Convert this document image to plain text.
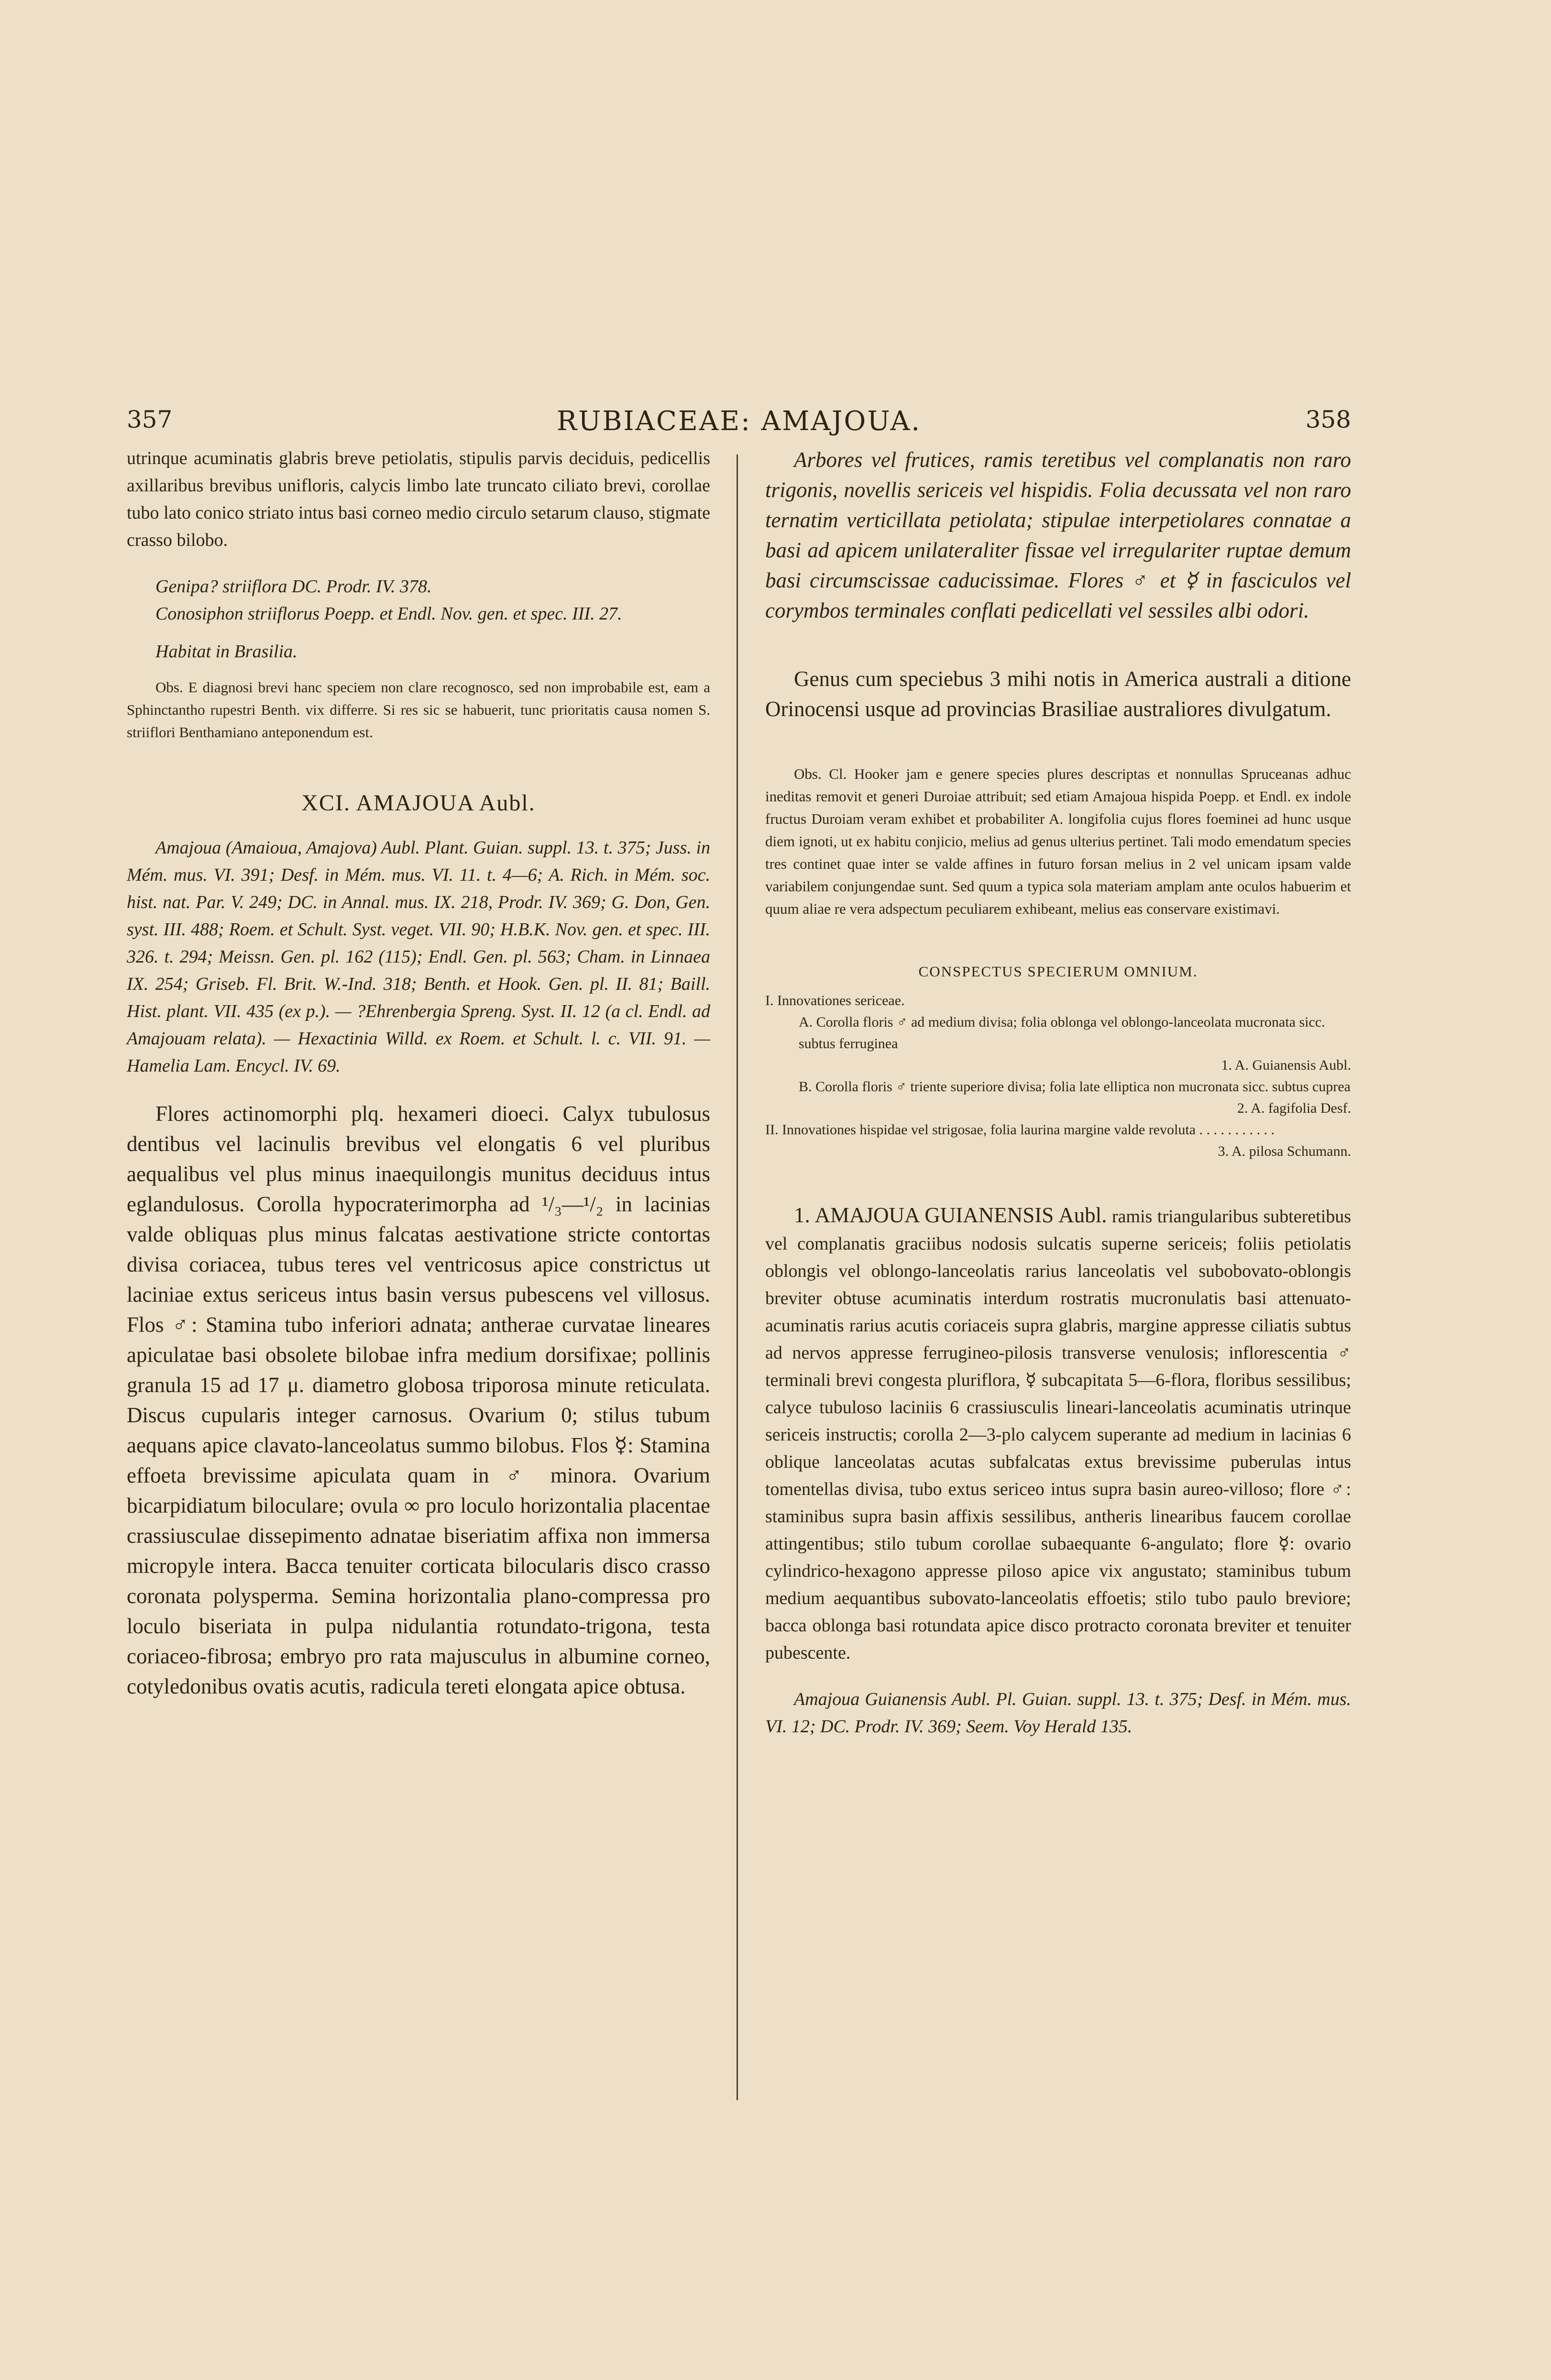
357	RUBIACEAE: AMAJOUA.	358

utrinque acuminatis glabris breve petiolatis, stipulis parvis deciduis, pedicellis axillaribus brevibus unifloris, calycis limbo late truncato ciliato brevi, corollae tubo lato conico striato intus basi corneo medio circulo setarum clauso, stigmate crasso bilobo.

Genipa? striiflora DC. Prodr. IV. 378.

Conosiphon striiflorus Poepp. et Endl. Nov. gen. et spec. III. 27.

Habitat in Brasilia.

Obs. E diagnosi brevi hanc speciem non clare recognosco, sed non improbabile est, eam a Sphinctantho rupestri Benth. vix differre. Si res sic se habuerit, tunc prioritatis causa nomen S. striiflori Benthamiano anteponendum est.

XCI. AMAJOUA Aubl.

Amajoua (Amaioua, Amajova) Aubl. Plant. Guian. suppl. 13. t. 375; Juss. in Mém. mus. VI. 391; Desf. in Mém. mus. VI. 11. t. 4—6; A. Rich. in Mém. soc. hist. nat. Par. V. 249; DC. in Annal. mus. IX. 218, Prodr. IV. 369; G. Don, Gen. syst. III. 488; Roem. et Schult. Syst. veget. VII. 90; H.B.K. Nov. gen. et spec. III. 326. t. 294; Meissn. Gen. pl. 162 (115); Endl. Gen. pl. 563; Cham. in Linnaea IX. 254; Griseb. Fl. Brit. W.-Ind. 318; Benth. et Hook. Gen. pl. II. 81; Baill. Hist. plant. VII. 435 (ex p.). — ?Ehrenbergia Spreng. Syst. II. 12 (a cl. Endl. ad Amajouam relata). — Hexactinia Willd. ex Roem. et Schult. l. c. VII. 91. — Hamelia Lam. Encycl. IV. 69.

Flores actinomorphi plq. hexameri dioeci. Calyx tubulosus dentibus vel lacinulis brevibus vel elongatis 6 vel pluribus aequalibus vel plus minus inaequilongis munitus deciduus intus eglandulosus. Corolla hypocraterimorpha ad ¹/₃—¹/₂ in lacinias valde obliquas plus minus falcatas aestivatione stricte contortas divisa coriacea, tubus teres vel ventricosus apice constrictus ut laciniae extus sericeus intus basin versus pubescens vel villosus. Flos ♂: Stamina tubo inferiori adnata; antherae curvatae lineares apiculatae basi obsolete bilobae infra medium dorsifixae; pollinis granula 15 ad 17 μ. diametro globosa triporosa minute reticulata. Discus cupularis integer carnosus. Ovarium 0; stilus tubum aequans apice clavato-lanceolatus summo bilobus. Flos ☿: Stamina effoeta brevissime apiculata quam in ♂ minora. Ovarium bicarpidiatum biloculare; ovula ∞ pro loculo horizontalia placentae crassiusculae dissepimento adnatae biseriatim affixa non immersa micropyle intera. Bacca tenuiter corticata bilocularis disco crasso coronata polysperma. Semina horizontalia plano-compressa pro loculo biseriata in pulpa nidulantia rotundato-trigona, testa coriaceo-fibrosa; embryo pro rata majusculus in albumine corneo, cotyledonibus ovatis acutis, radicula tereti elongata apice obtusa.

Arbores vel frutices, ramis teretibus vel complanatis non raro trigonis, novellis sericeis vel hispidis. Folia decussata vel non raro ternatim verticillata petiolata; stipulae interpetiolares connatae a basi ad apicem unilateraliter fissae vel irregulariter ruptae demum basi circumscissae caducissimae. Flores ♂ et ☿ in fasciculos vel corymbos terminales conflati pedicellati vel sessiles albi odori.

Genus cum speciebus 3 mihi notis in America australi a ditione Orinocensi usque ad provincias Brasiliae australiores divulgatum.

Obs. Cl. Hooker jam e genere species plures descriptas et nonnullas Spruceanas adhuc ineditas removit et generi Duroiae attribuit; sed etiam Amajoua hispida Poepp. et Endl. ex indole fructus Duroiam veram exhibet et probabiliter A. longifolia cujus flores foeminei ad hunc usque diem ignoti, ut ex habitu conjicio, melius ad genus ulterius pertinet. Tali modo emendatum species tres continet quae inter se valde affines in futuro forsan melius in 2 vel unicam ipsam valde variabilem conjungendae sunt. Sed quum a typica sola materiam amplam ante oculos habuerim et quum aliae re vera adspectum peculiarem exhibeant, melius eas conservare existimavi.

CONSPECTUS SPECIERUM OMNIUM.
I. Innovationes sericeae.
A. Corolla floris ♂ ad medium divisa; folia oblonga vel oblongo-lanceolata mucronata sicc. subtus ferruginea
1. A. Guianensis Aubl.
B. Corolla floris ♂ triente superiore divisa; folia late elliptica non mucronata sicc. subtus cuprea
2. A. fagifolia Desf.
II. Innovationes hispidae vel strigosae, folia laurina margine valde revoluta . . . . . . . . . . .
3. A. pilosa Schumann.

1. AMAJOUA GUIANENSIS Aubl. ramis triangularibus subteretibus vel complanatis graciibus nodosis sulcatis superne sericeis; foliis petiolatis oblongis vel oblongo-lanceolatis rarius lanceolatis vel subobovato-oblongis breviter obtuse acuminatis interdum rostratis mucronulatis basi attenuato-acuminatis rarius acutis coriaceis supra glabris, margine appresse ciliatis subtus ad nervos appresse ferrugineo-pilosis transverse venulosis; inflorescentia ♂ terminali brevi congesta pluriflora, ☿ subcapitata 5—6-flora, floribus sessilibus; calyce tubuloso laciniis 6 crassiusculis lineari-lanceolatis acuminatis utrinque sericeis instructis; corolla 2—3-plo calycem superante ad medium in lacinias 6 oblique lanceolatas acutas subfalcatas extus brevissime puberulas intus tomentellas divisa, tubo extus sericeo intus supra basin aureo-villoso; flore ♂: staminibus supra basin affixis sessilibus, antheris linearibus faucem corollae attingentibus; stilo tubum corollae subaequante 6-angulato; flore ☿: ovario cylindrico-hexagono appresse piloso apice vix angustato; staminibus tubum medium aequantibus subovato-lanceolatis effoetis; stilo tubo paulo breviore; bacca oblonga basi rotundata apice disco protracto coronata breviter et tenuiter pubescente.

Amajoua Guianensis Aubl. Pl. Guian. suppl. 13. t. 375; Desf. in Mém. mus. VI. 12; DC. Prodr. IV. 369; Seem. Voy Herald 135.
